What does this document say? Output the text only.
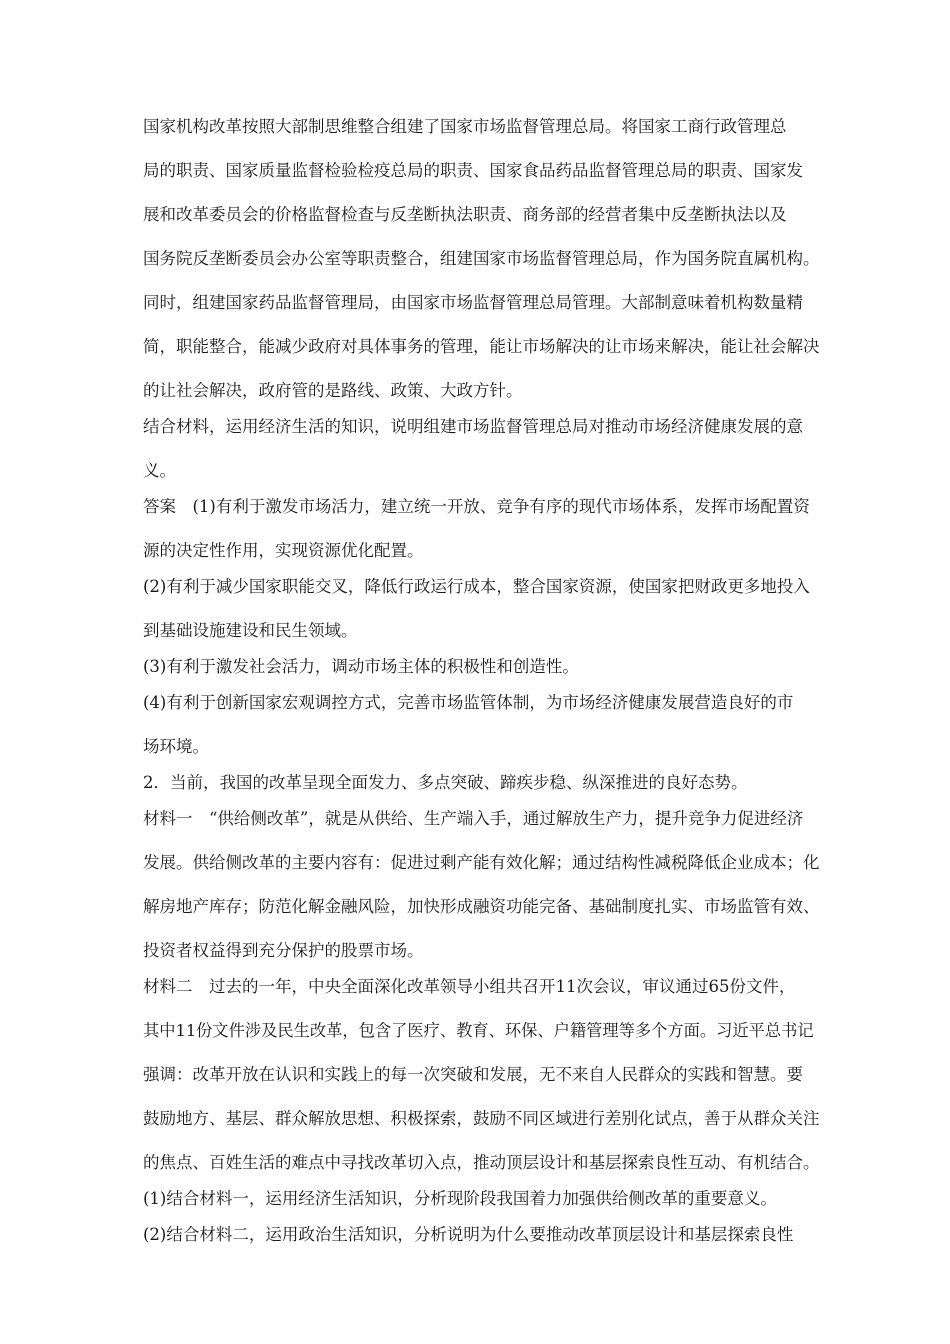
国家机构改革按照大部制思维整合组建了国家市场监督管理总局。将国家工商行政管理总
局的职责、国家质量监督检验检疫总局的职责、国家食品药品监督管理总局的职责、国家发
展和改革委员会的价格监督检查与反垄断执法职责、商务部的经营者集中反垄断执法以及
国务院反垄断委员会办公室等职责整合，组建国家市场监督管理总局，作为国务院直属机构。
同时，组建国家药品监督管理局，由国家市场监督管理总局管理。大部制意味着机构数量精
简，职能整合，能减少政府对具体事务的管理，能让市场解决的让市场来解决，能让社会解决
的让社会解决，政府管的是路线、政策、大政方针。
结合材料，运用经济生活的知识，说明组建市场监督管理总局对推动市场经济健康发展的意
义。
答案　(1)有利于激发市场活力，建立统一开放、竞争有序的现代市场体系，发挥市场配置资
源的决定性作用，实现资源优化配置。
(2)有利于减少国家职能交叉，降低行政运行成本，整合国家资源，使国家把财政更多地投入
到基础设施建设和民生领域。
(3)有利于激发社会活力，调动市场主体的积极性和创造性。
(4)有利于创新国家宏观调控方式，完善市场监管体制，为市场经济健康发展营造良好的市
场环境。
2．当前，我国的改革呈现全面发力、多点突破、蹄疾步稳、纵深推进的良好态势。
材料一　“供给侧改革”，就是从供给、生产端入手，通过解放生产力，提升竞争力促进经济
发展。供给侧改革的主要内容有：促进过剩产能有效化解；通过结构性减税降低企业成本；化
解房地产库存；防范化解金融风险，加快形成融资功能完备、基础制度扎实、市场监管有效、
投资者权益得到充分保护的股票市场。
材料二　过去的一年，中央全面深化改革领导小组共召开11次会议，审议通过65份文件，
其中11份文件涉及民生改革，包含了医疗、教育、环保、户籍管理等多个方面。习近平总书记
强调：改革开放在认识和实践上的每一次突破和发展，无不来自人民群众的实践和智慧。要
鼓励地方、基层、群众解放思想、积极探索，鼓励不同区域进行差别化试点，善于从群众关注
的焦点、百姓生活的难点中寻找改革切入点，推动顶层设计和基层探索良性互动、有机结合。
(1)结合材料一，运用经济生活知识，分析现阶段我国着力加强供给侧改革的重要意义。
(2)结合材料二，运用政治生活知识，分析说明为什么要推动改革顶层设计和基层探索良性
